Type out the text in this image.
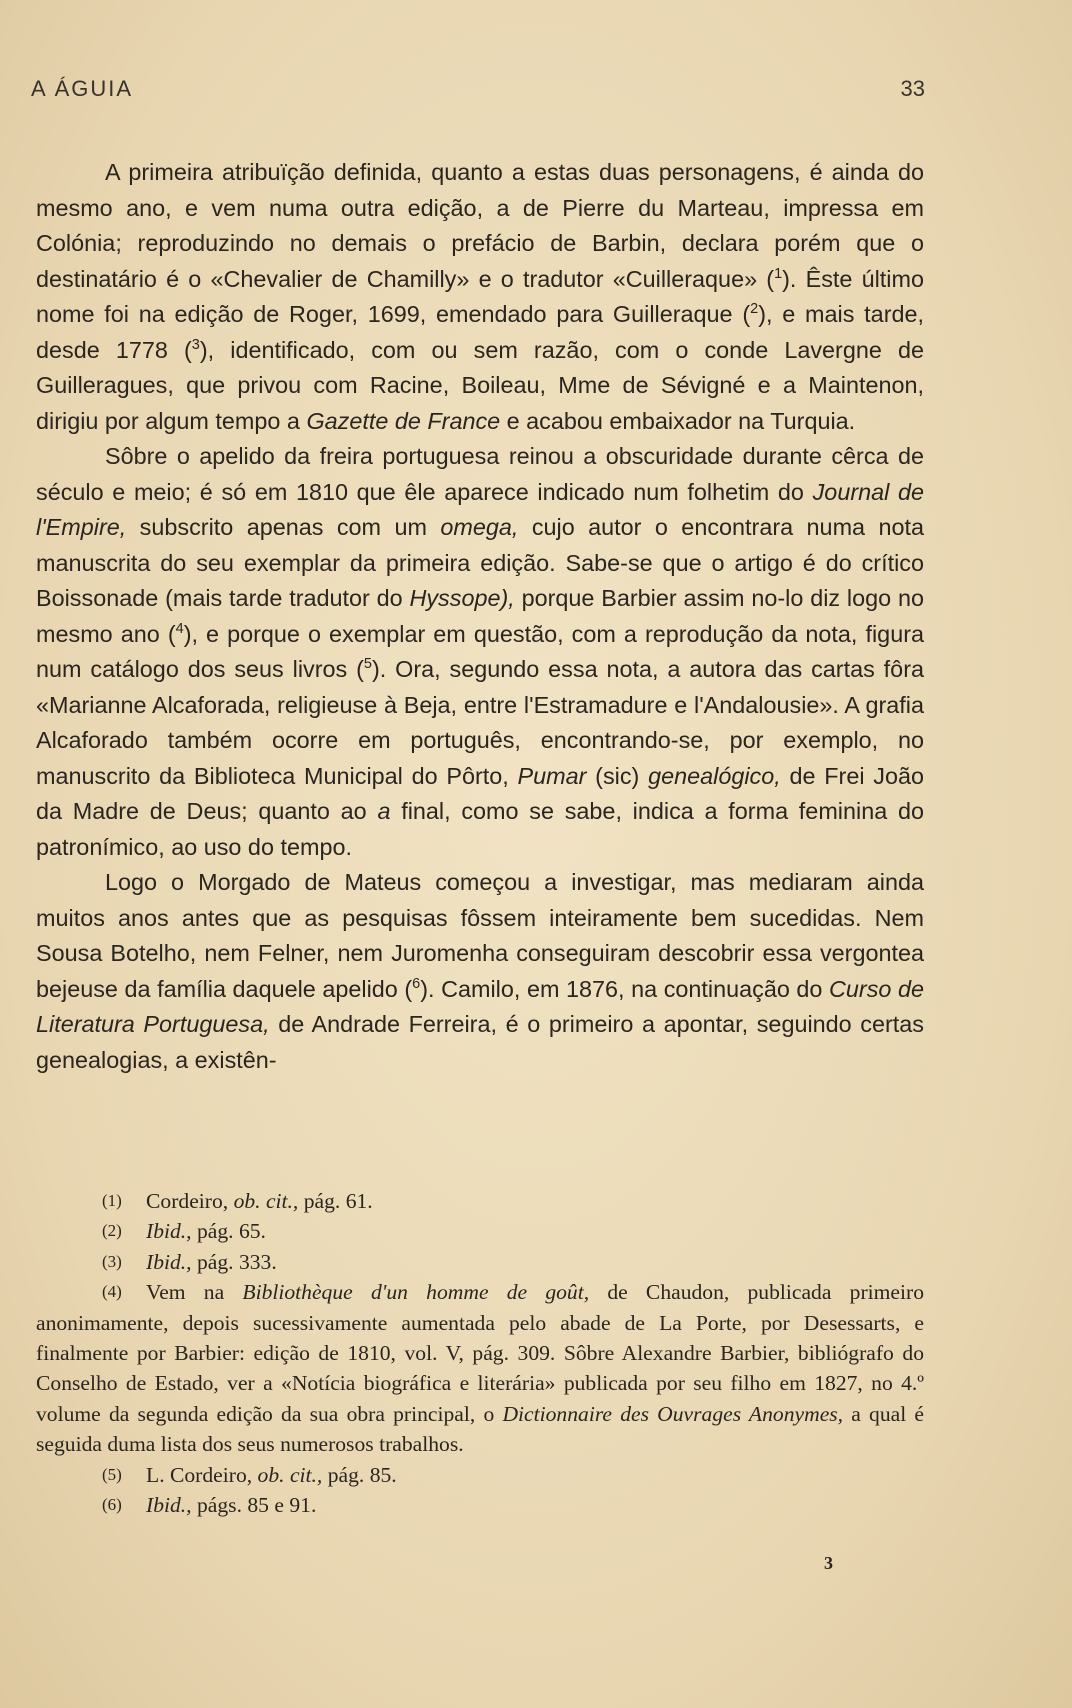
A ÁGUIA	33

A primeira atribuïção definida, quanto a estas duas personagens, é ainda do mesmo ano, e vem numa outra edição, a de Pierre du Marteau, impressa em Colónia; reproduzindo no demais o prefácio de Barbin, declara porém que o destinatário é o «Chevalier de Chamilly» e o tradutor «Cuilleraque» ($^1$). Êste último nome foi na edição de Roger, 1699, emendado para Guilleraque ($^2$), e mais tarde, desde 1778 ($^3$), identificado, com ou sem razão, com o conde Lavergne de Guilleragues, que privou com Racine, Boileau, Mme de Sévigné e a Maintenon, dirigiu por algum tempo a Gazette de France e acabou embaixador na Turquia.

Sôbre o apelido da freira portuguesa reinou a obscuridade durante cêrca de século e meio; é só em 1810 que êle aparece indicado num folhetim do Journal de l'Empire, subscrito apenas com um omega, cujo autor o encontrara numa nota manuscrita do seu exemplar da primeira edição. Sabe-se que o artigo é do crítico Boissonade (mais tarde tradutor do Hyssope), porque Barbier assim no-lo diz logo no mesmo ano ($^4$), e porque o exemplar em questão, com a reprodução da nota, figura num catálogo dos seus livros ($^5$). Ora, segundo essa nota, a autora das cartas fôra «Marianne Alcaforada, religieuse à Beja, entre l'Estramadure e l'Andalousie». A grafia Alcaforado também ocorre em português, encontrando-se, por exemplo, no manuscrito da Biblioteca Municipal do Pôrto, Pumar (sic) genealógico, de Frei João da Madre de Deus; quanto ao a final, como se sabe, indica a forma feminina do patronímico, ao uso do tempo.

Logo o Morgado de Mateus começou a investigar, mas mediaram ainda muitos anos antes que as pesquisas fôssem inteiramente bem sucedidas. Nem Sousa Botelho, nem Felner, nem Juromenha conseguiram descobrir essa vergontea bejeuse da família daquele apelido ($^6$). Camilo, em 1876, na continuação do Curso de Literatura Portuguesa, de Andrade Ferreira, é o primeiro a apontar, seguindo certas genealogias, a existên-

(1)	Cordeiro, ob. cit., pág. 61.
(2)	Ibid., pág. 65.
(3)	Ibid., pág. 333.
(4)	Vem na Bibliothèque d'un homme de goût, de Chaudon, publicada primeiro anonimamente, depois sucessivamente aumentada pelo abade de La Porte, por Desessarts, e finalmente por Barbier: edição de 1810, vol. V, pág. 309. Sôbre Alexandre Barbier, bibliógrafo do Conselho de Estado, ver a «Notícia biográfica e literária» publicada por seu filho em 1827, no 4.º volume da segunda edição da sua obra principal, o Dictionnaire des Ouvrages Anonymes, a qual é seguida duma lista dos seus numerosos trabalhos.
(5)	L. Cordeiro, ob. cit., pág. 85.
(6)	Ibid., págs. 85 e 91.
3
